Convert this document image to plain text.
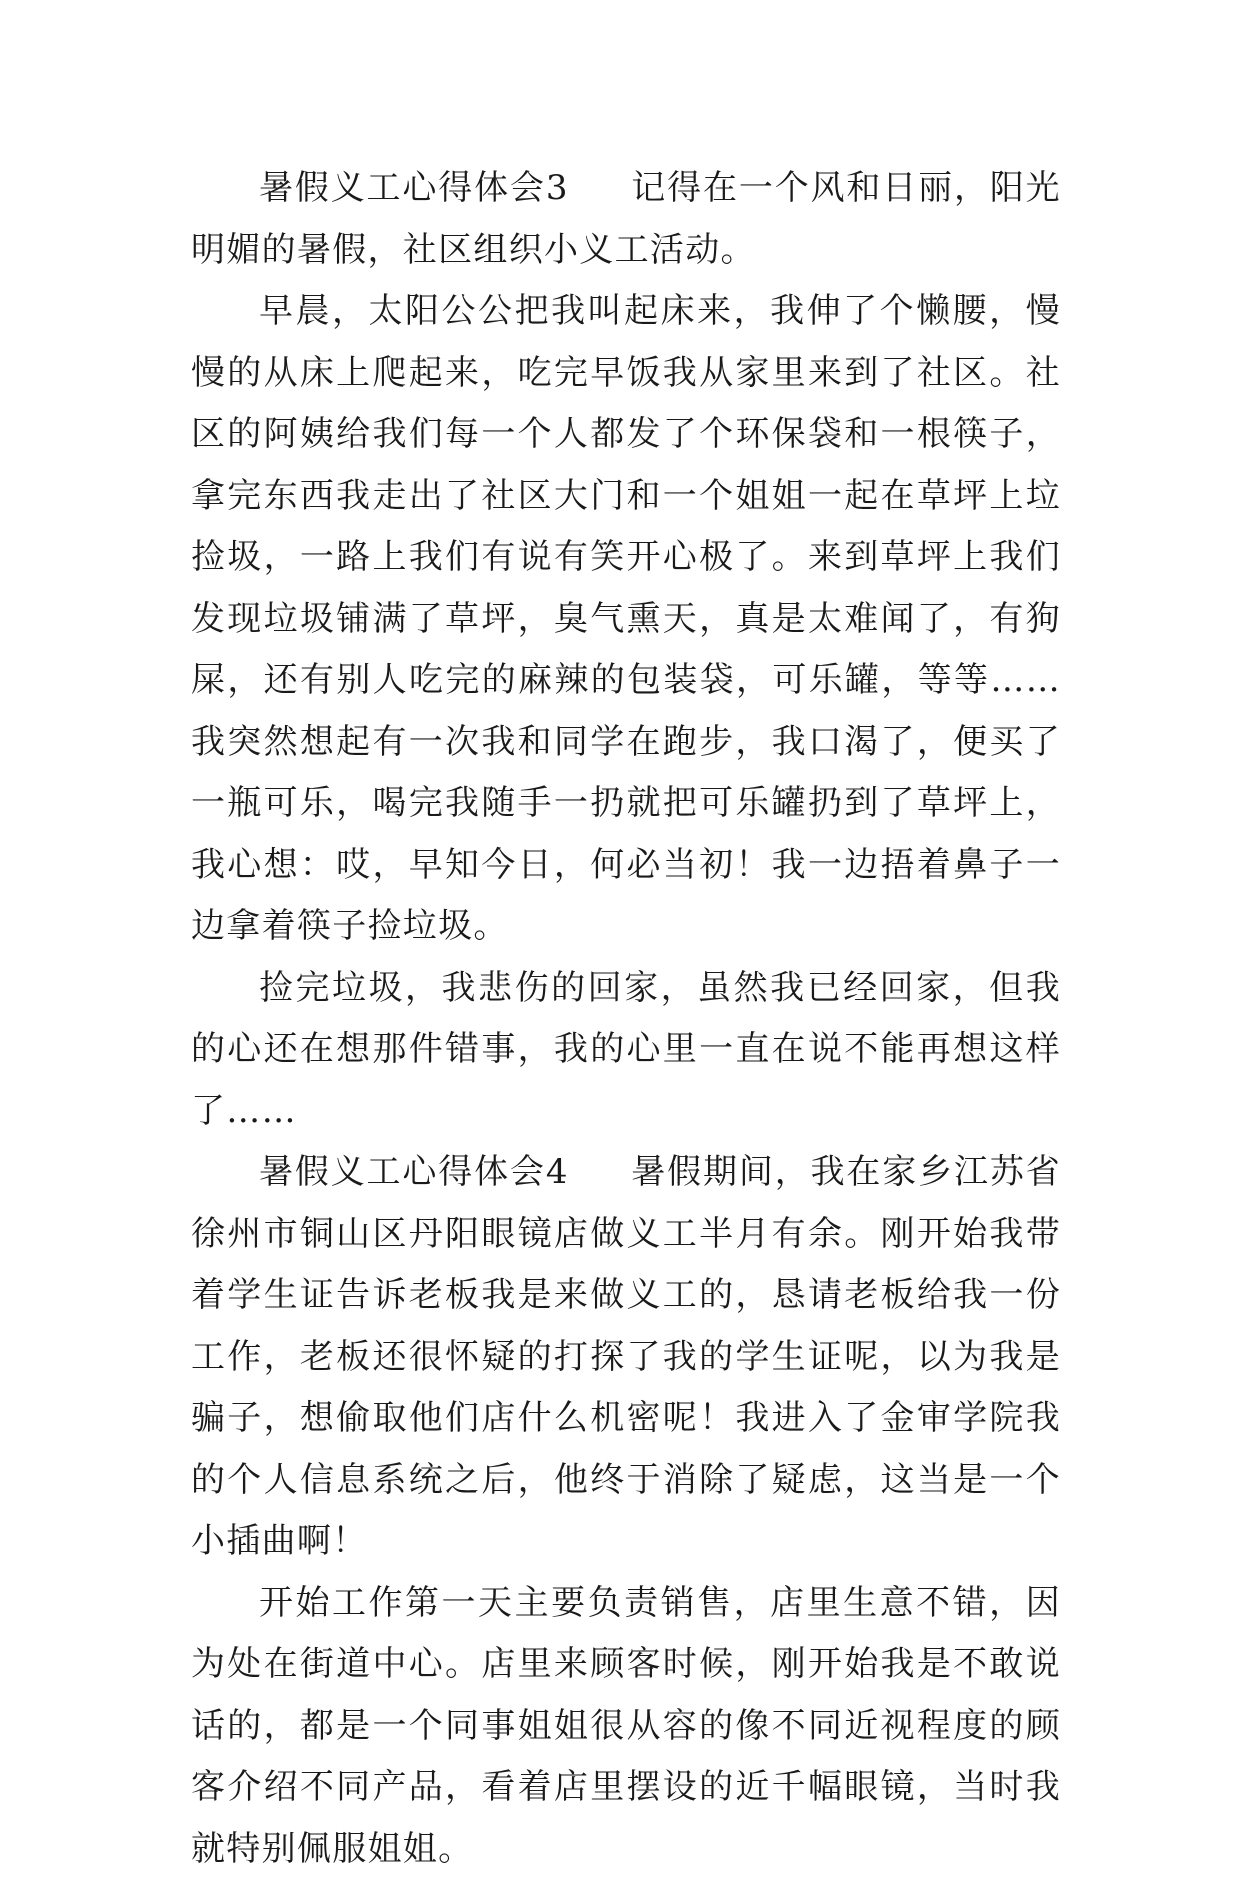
暑假义工心得体会3 记得在一个风和日丽，阳光明媚的暑假，社区组织小义工活动。

早晨，太阳公公把我叫起床来，我伸了个懒腰，慢慢的从床上爬起来，吃完早饭我从家里来到了社区。社区的阿姨给我们每一个人都发了个环保袋和一根筷子，拿完东西我走出了社区大门和一个姐姐一起在草坪上垃捡圾，一路上我们有说有笑开心极了。来到草坪上我们发现垃圾铺满了草坪，臭气熏天，真是太难闻了，有狗屎，还有别人吃完的麻辣的包装袋，可乐罐，等等……我突然想起有一次我和同学在跑步，我口渴了，便买了一瓶可乐，喝完我随手一扔就把可乐罐扔到了草坪上，我心想：哎，早知今日，何必当初！我一边捂着鼻子一边拿着筷子捡垃圾。

捡完垃圾，我悲伤的回家，虽然我已经回家，但我的心还在想那件错事，我的心里一直在说不能再想这样了……

暑假义工心得体会4 暑假期间，我在家乡江苏省徐州市铜山区丹阳眼镜店做义工半月有余。刚开始我带着学生证告诉老板我是来做义工的，恳请老板给我一份工作，老板还很怀疑的打探了我的学生证呢，以为我是骗子，想偷取他们店什么机密呢！我进入了金审学院我的个人信息系统之后，他终于消除了疑虑，这当是一个小插曲啊！

开始工作第一天主要负责销售，店里生意不错，因为处在街道中心。店里来顾客时候，刚开始我是不敢说话的，都是一个同事姐姐很从容的像不同近视程度的顾客介绍不同产品，看着店里摆设的近千幅眼镜，当时我就特别佩服姐姐。
